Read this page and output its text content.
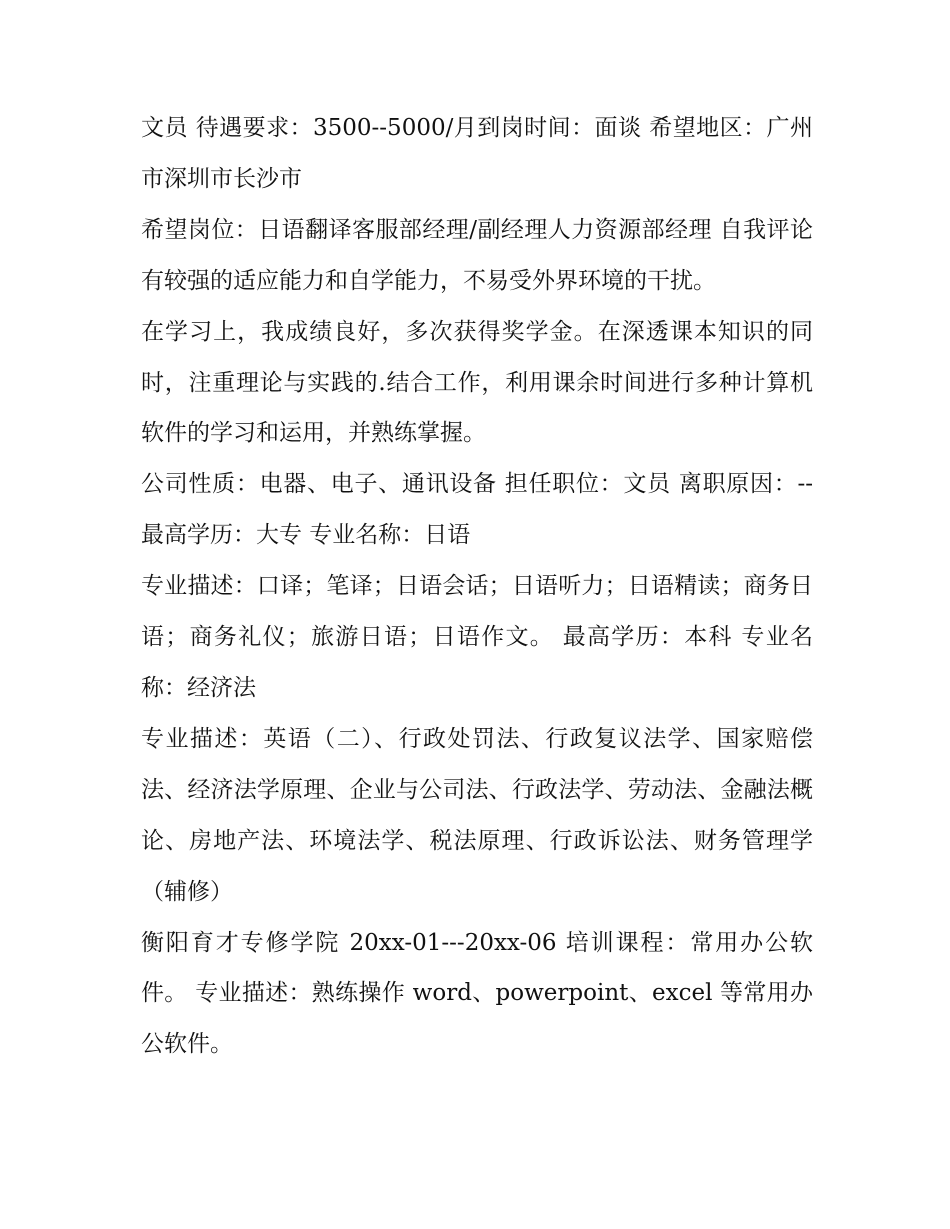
文员 待遇要求：3500--5000/月到岗时间：面谈 希望地区：广州市深圳市长沙市

希望岗位：日语翻译客服部经理/副经理人力资源部经理 自我评论 有较强的适应能力和自学能力，不易受外界环境的干扰。

在学习上，我成绩良好，多次获得奖学金。在深透课本知识的同时，注重理论与实践的.结合工作，利用课余时间进行多种计算机软件的学习和运用，并熟练掌握。

公司性质：电器、电子、通讯设备 担任职位：文员 离职原因：-- 最高学历：大专 专业名称：日语

专业描述：口译；笔译；日语会话；日语听力；日语精读；商务日语；商务礼仪；旅游日语；日语作文。 最高学历：本科 专业名称：经济法

专业描述：英语（二）、行政处罚法、行政复议法学、国家赔偿法、经济法学原理、企业与公司法、行政法学、劳动法、金融法概论、房地产法、环境法学、税法原理、行政诉讼法、财务管理学（辅修）

衡阳育才专修学院 20xx-01---20xx-06 培训课程：常用办公软件。 专业描述：熟练操作 word、powerpoint、excel 等常用办公软件。
